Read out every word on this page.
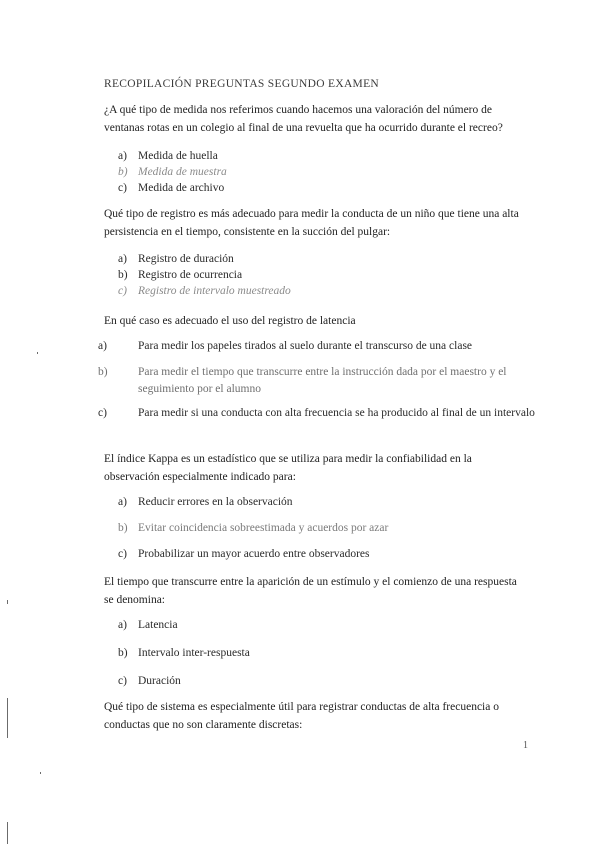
RECOPILACIÓN PREGUNTAS SEGUNDO EXAMEN
¿A qué tipo de medida nos referimos cuando hacemos una valoración del número de ventanas rotas en un colegio al final de una revuelta que ha ocurrido durante el recreo?
a) Medida de huella
b) Medida de muestra
c) Medida de archivo
Qué tipo de registro es más adecuado para medir la conducta de un niño que tiene una alta persistencia en el tiempo, consistente en la succión del pulgar:
a) Registro de duración
b) Registro de ocurrencia
c) Registro de intervalo muestreado
En qué caso es adecuado el uso del registro de latencia
a)	Para medir los papeles tirados al suelo durante el transcurso de una clase
b)	Para medir el tiempo que transcurre entre la instrucción dada por el maestro y el seguimiento por el alumno
c)	Para medir si una conducta con alta frecuencia se ha producido al final de un intervalo
El índice Kappa es un estadístico que se utiliza para medir la confiabilidad en la observación especialmente indicado para:
a) Reducir errores en la observación
b) Evitar coincidencia sobreestimada y acuerdos por azar
c) Probabilizar un mayor acuerdo entre observadores
El tiempo que transcurre entre la aparición de un estímulo y el comienzo de una respuesta se denomina:
a) Latencia
b) Intervalo inter-respuesta
c) Duración
Qué tipo de sistema es especialmente útil para registrar conductas de alta frecuencia o conductas que no son claramente discretas:
1
